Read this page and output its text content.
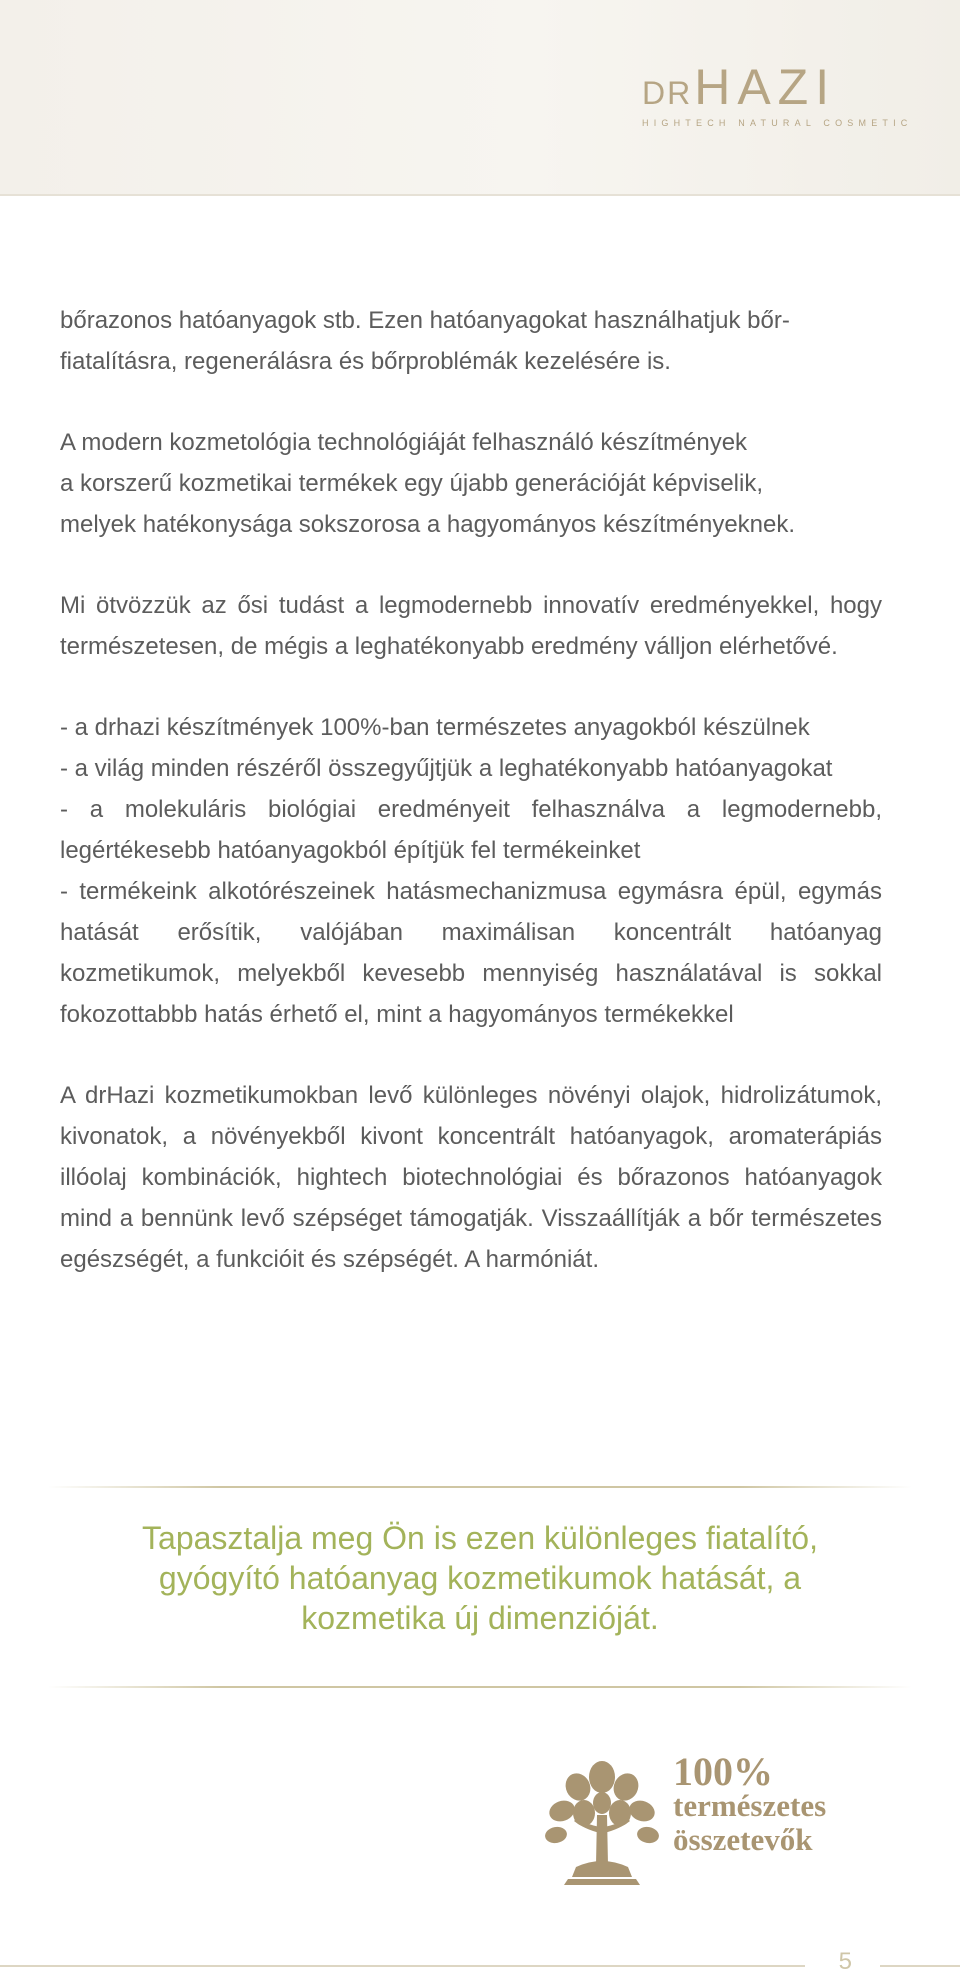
DR HAZI
HIGHTECH NATURAL COSMETIC

bőrazonos hatóanyagok stb. Ezen hatóanyagokat használhatjuk bőr-
fiatalításra, regenerálásra és bőrproblémák kezelésére is.

A modern kozmetológia technológiáját felhasználó készítmények
a korszerű kozmetikai termékek egy újabb generációját képviselik,
melyek hatékonysága sokszorosa a hagyományos készítményeknek.

Mi ötvözzük az ősi tudást a legmodernebb innovatív eredményekkel, hogy természetesen, de mégis a leghatékonyabb eredmény válljon elérhetővé.

- a drhazi készítmények 100%-ban természetes anyagokból készülnek
- a világ minden részéről összegyűjtjük a leghatékonyabb hatóanyagokat
- a molekuláris biológiai eredményeit felhasználva a legmodernebb, legértékesebb hatóanyagokból építjük fel termékeinket
- termékeink alkotórészeinek hatásmechanizmusa egymásra épül, egymás hatását erősítik, valójában maximálisan koncentrált hatóanyag kozmetikumok, melyekből kevesebb mennyiség használatával is sokkal fokozottabbb hatás érhető el, mint a hagyományos termékekkel

A drHazi kozmetikumokban levő különleges növényi olajok, hidrolizátumok, kivonatok, a növényekből kivont koncentrált hatóanyagok, aromaterápiás illóolaj kombinációk, hightech biotechnológiai és bőrazonos hatóanyagok mind a bennünk levő szépséget támogatják. Visszaállítják a bőr természetes egészségét, a funkcióit és szépségét. A harmóniát.

Tapasztalja meg Ön is ezen különleges fiatalító,
gyógyító hatóanyag kozmetikumok hatását, a
kozmetika új dimenzióját.
100%
természetes
összetevők
5
